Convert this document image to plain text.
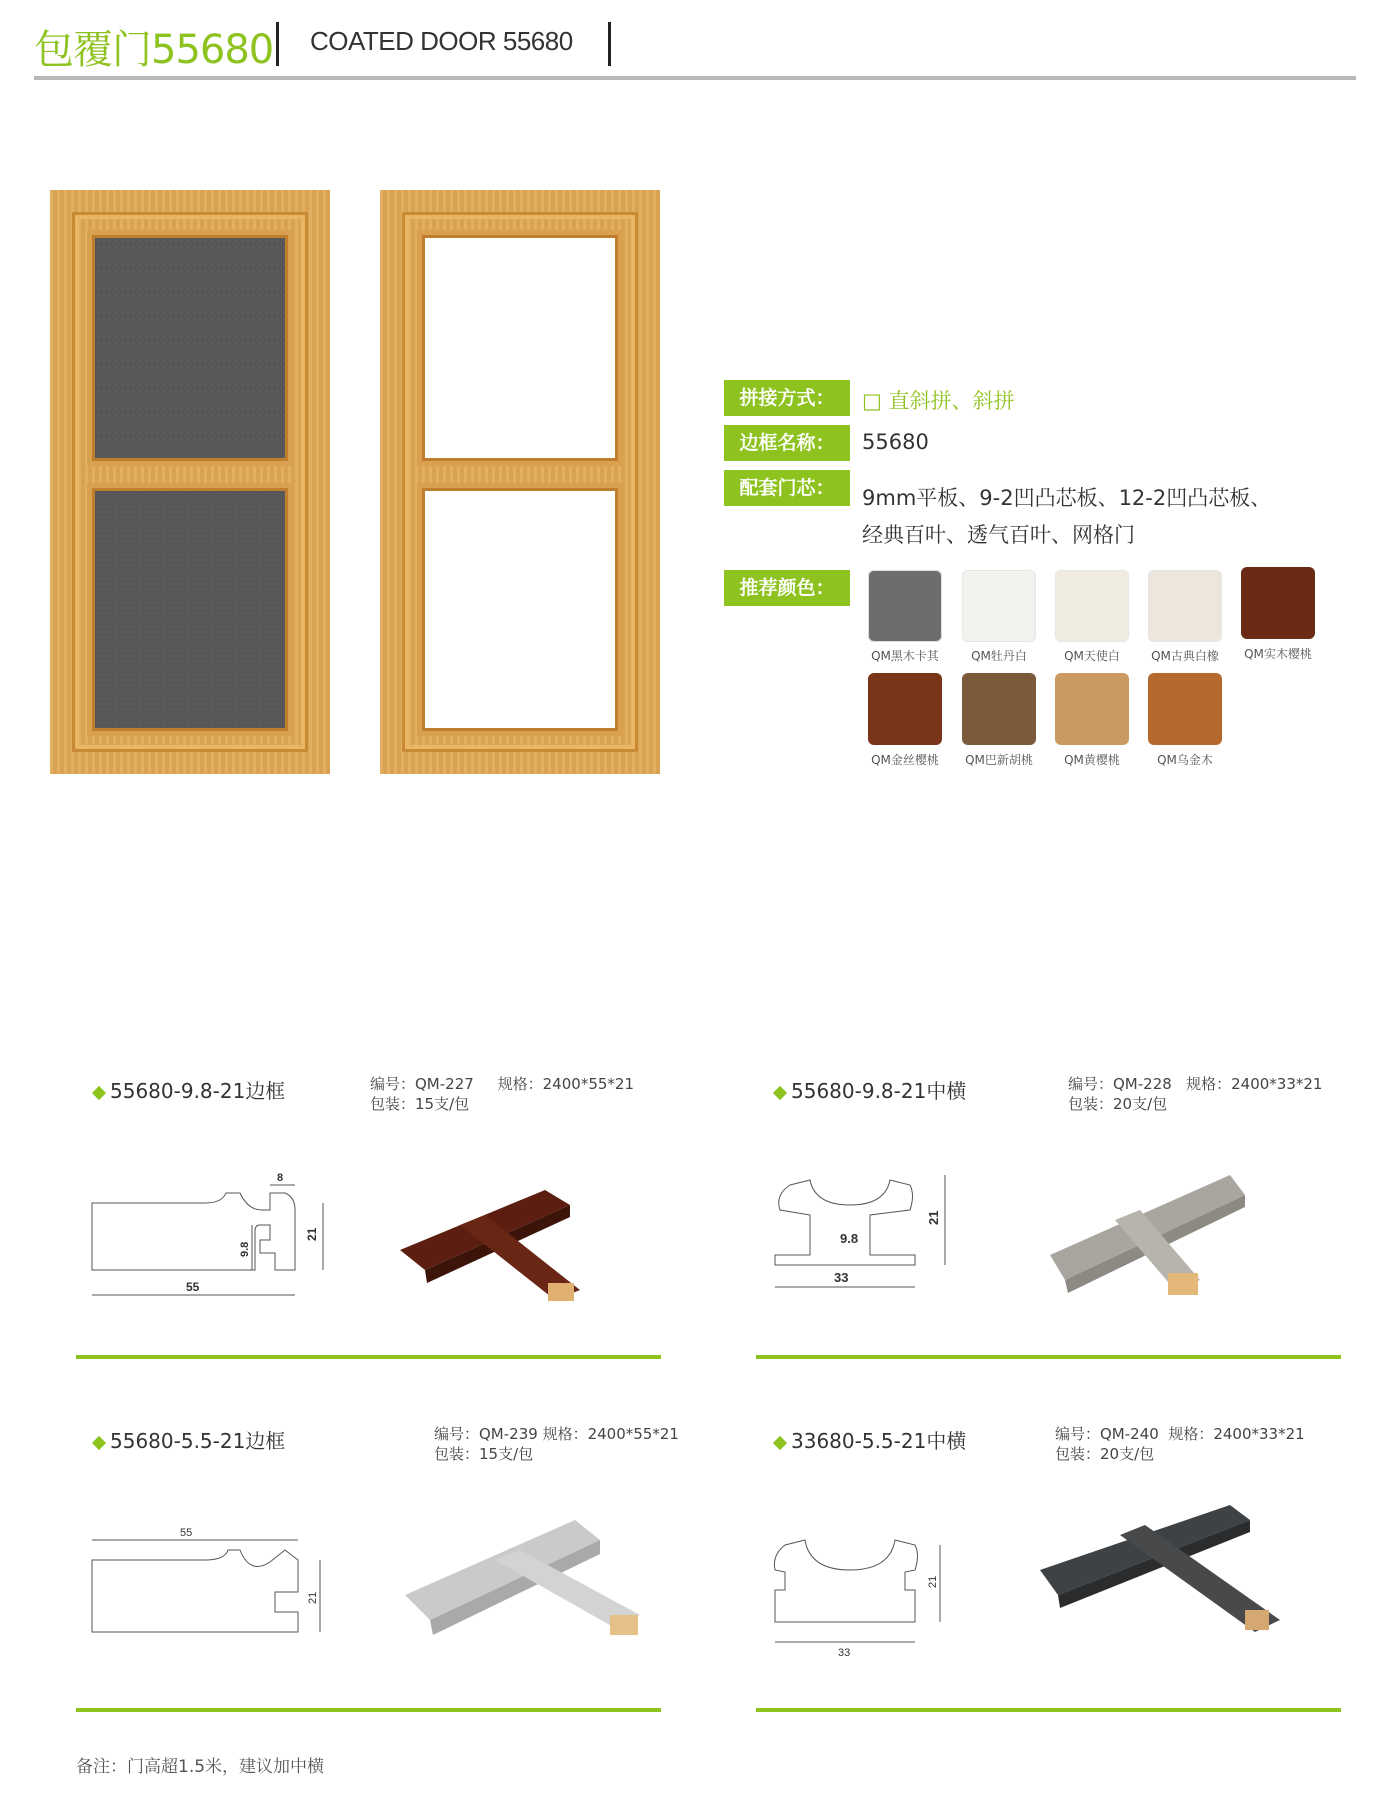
包覆门55680 COATED DOOR 55680
拼接方式：	□ 直斜拼、斜拼
边框名称：	55680
配套门芯：	9mm平板、9-2凹凸芯板、12-2凹凸芯板、
经典百叶、透气百叶、网格门
推荐颜色：
QM黑木卡其	QM牡丹白	QM天使白	QM古典白橡	QM实木樱桃
QM金丝樱桃	QM巴新胡桃	QM黄樱桃	QM乌金木
55680-9.8-21边框	编号：QM-227 规格：2400*55*21
包装：15支/包
8
21
9.8
55
55680-9.8-21中横	编号：QM-228 规格：2400*33*21
包装：20支/包
21
9.8
33
55680-5.5-21边框	编号：QM-239 规格：2400*55*21
包装：15支/包
55
21
33680-5.5-21中横	编号：QM-240 规格：2400*33*21
包装：20支/包
21
33
备注：门高超1.5米，建议加中横
